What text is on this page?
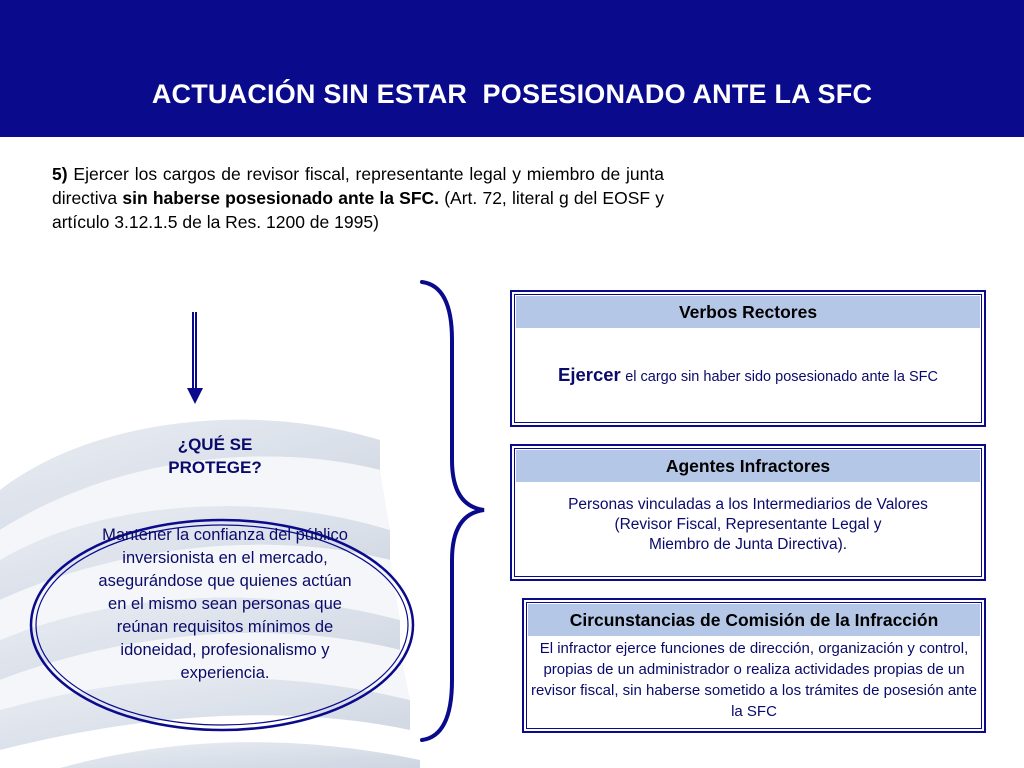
ACTUACIÓN SIN ESTAR  POSESIONADO ANTE LA SFC
5) Ejercer los cargos de revisor fiscal, representante legal y miembro de junta directiva sin haberse posesionado ante la SFC. (Art. 72, literal g del EOSF y artículo 3.12.1.5 de la Res. 1200 de 1995)
¿QUÉ SE
PROTEGE?
Mantener la confianza del público inversionista en el mercado, asegurándose que quienes actúan en el mismo sean personas que reúnan requisitos mínimos de idoneidad, profesionalismo y experiencia.
Verbos Rectores
Ejercer el cargo sin haber sido posesionado ante la SFC
Agentes Infractores
Personas vinculadas a los Intermediarios de Valores
(Revisor Fiscal, Representante Legal y
Miembro de Junta Directiva).
Circunstancias de Comisión de la Infracción
El infractor ejerce funciones de dirección, organización y control, propias de un administrador o realiza actividades propias de un revisor fiscal, sin haberse sometido a los trámites de posesión ante la SFC
